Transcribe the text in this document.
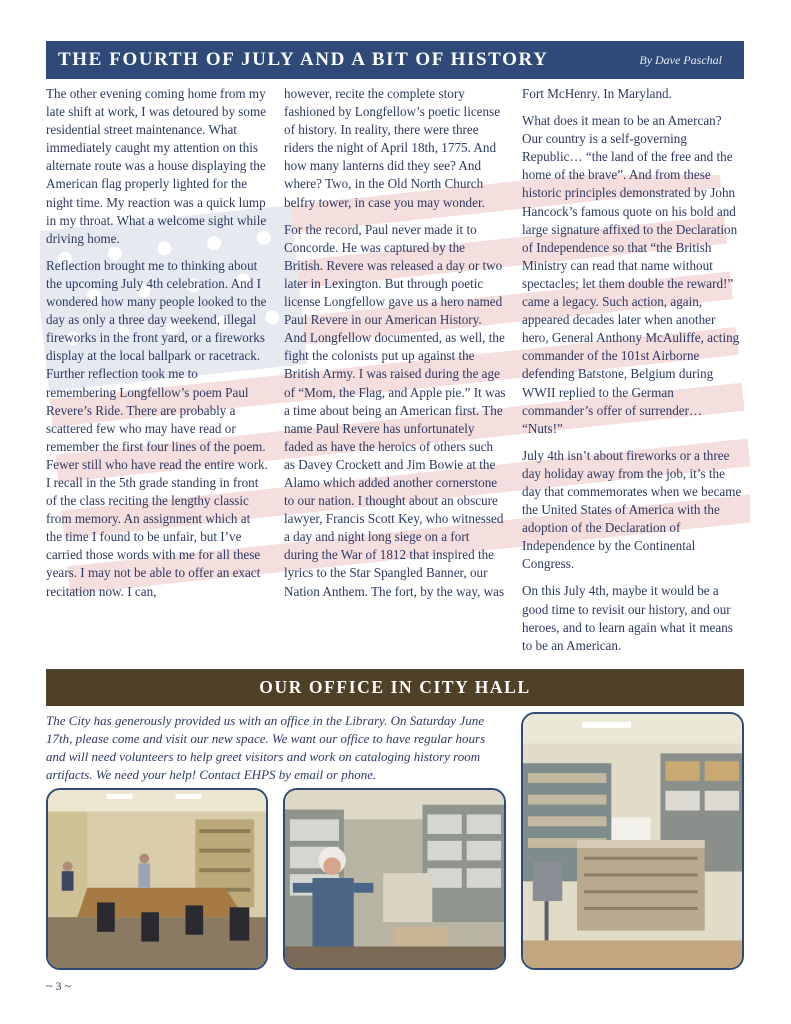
THE FOURTH OF JULY AND A BIT OF HISTORY	By Dave Paschal

The other evening coming home from my late shift at work, I was detoured by some residential street maintenance. What immediately caught my attention on this alternate route was a house displaying the American flag properly lighted for the night time. My reaction was a quick lump in my throat. What a welcome sight while driving home.

Reflection brought me to thinking about the upcoming July 4th celebration. And I wondered how many people looked to the day as only a three day weekend, illegal fireworks in the front yard, or a fireworks display at the local ballpark or racetrack. Further reflection took me to remembering Longfellow’s poem Paul Revere’s Ride. There are probably a scattered few who may have read or remember the first four lines of the poem. Fewer still who have read the entire work. I recall in the 5th grade standing in front of the class reciting the lengthy classic from memory. An assignment which at the time I found to be unfair, but I’ve carried those words with me for all these years. I may not be able to offer an exact recitation now. I can,

however, recite the complete story fashioned by Longfellow’s poetic license of history. In reality, there were three riders the night of April 18th, 1775. And how many lanterns did they see? And where? Two, in the Old North Church belfry tower, in case you may wonder.

For the record, Paul never made it to Concorde. He was captured by the British. Revere was released a day or two later in Lexington. But through poetic license Longfellow gave us a hero named Paul Revere in our American History. And Longfellow documented, as well, the fight the colonists put up against the British Army. I was raised during the age of “Mom, the Flag, and Apple pie.” It was a time about being an American first. The name Paul Revere has unfortunately faded as have the heroics of others such as Davey Crockett and Jim Bowie at the Alamo which added another cornerstone to our nation. I thought about an obscure lawyer, Francis Scott Key, who witnessed a day and night long siege on a fort during the War of 1812 that inspired the lyrics to the Star Spangled Banner, our Nation Anthem. The fort, by the way, was

Fort McHenry. In Maryland.

What does it mean to be an Amercan? Our country is a self-governing Republic… “the land of the free and the home of the brave”. And from these historic principles demonstrated by John Hancock’s famous quote on his bold and large signature affixed to the Declaration of Independence so that “the British Ministry can read that name without spectacles; let them double the reward!” came a legacy. Such action, again, appeared decades later when another hero, General Anthony McAuliffe, acting commander of the 101st Airborne defending Batstone, Belgium during WWII replied to the German commander’s offer of surrender… “Nuts!”

July 4th isn’t about fireworks or a three day holiday away from the job, it’s the day that commemorates when we became the United States of America with the adoption of the Declaration of Independence by the Continental Congress.

On this July 4th, maybe it would be a good time to revisit our history, and our heroes, and to learn again what it means to be an American.

OUR OFFICE IN CITY HALL

The City has generously provided us with an office in the Library. On Saturday June 17th, please come and visit our new space. We want our office to have regular hours and will need volunteers to help greet visitors and work on cataloging history room artifacts. We need your help! Contact EHPS by email or phone.

~ 3 ~
